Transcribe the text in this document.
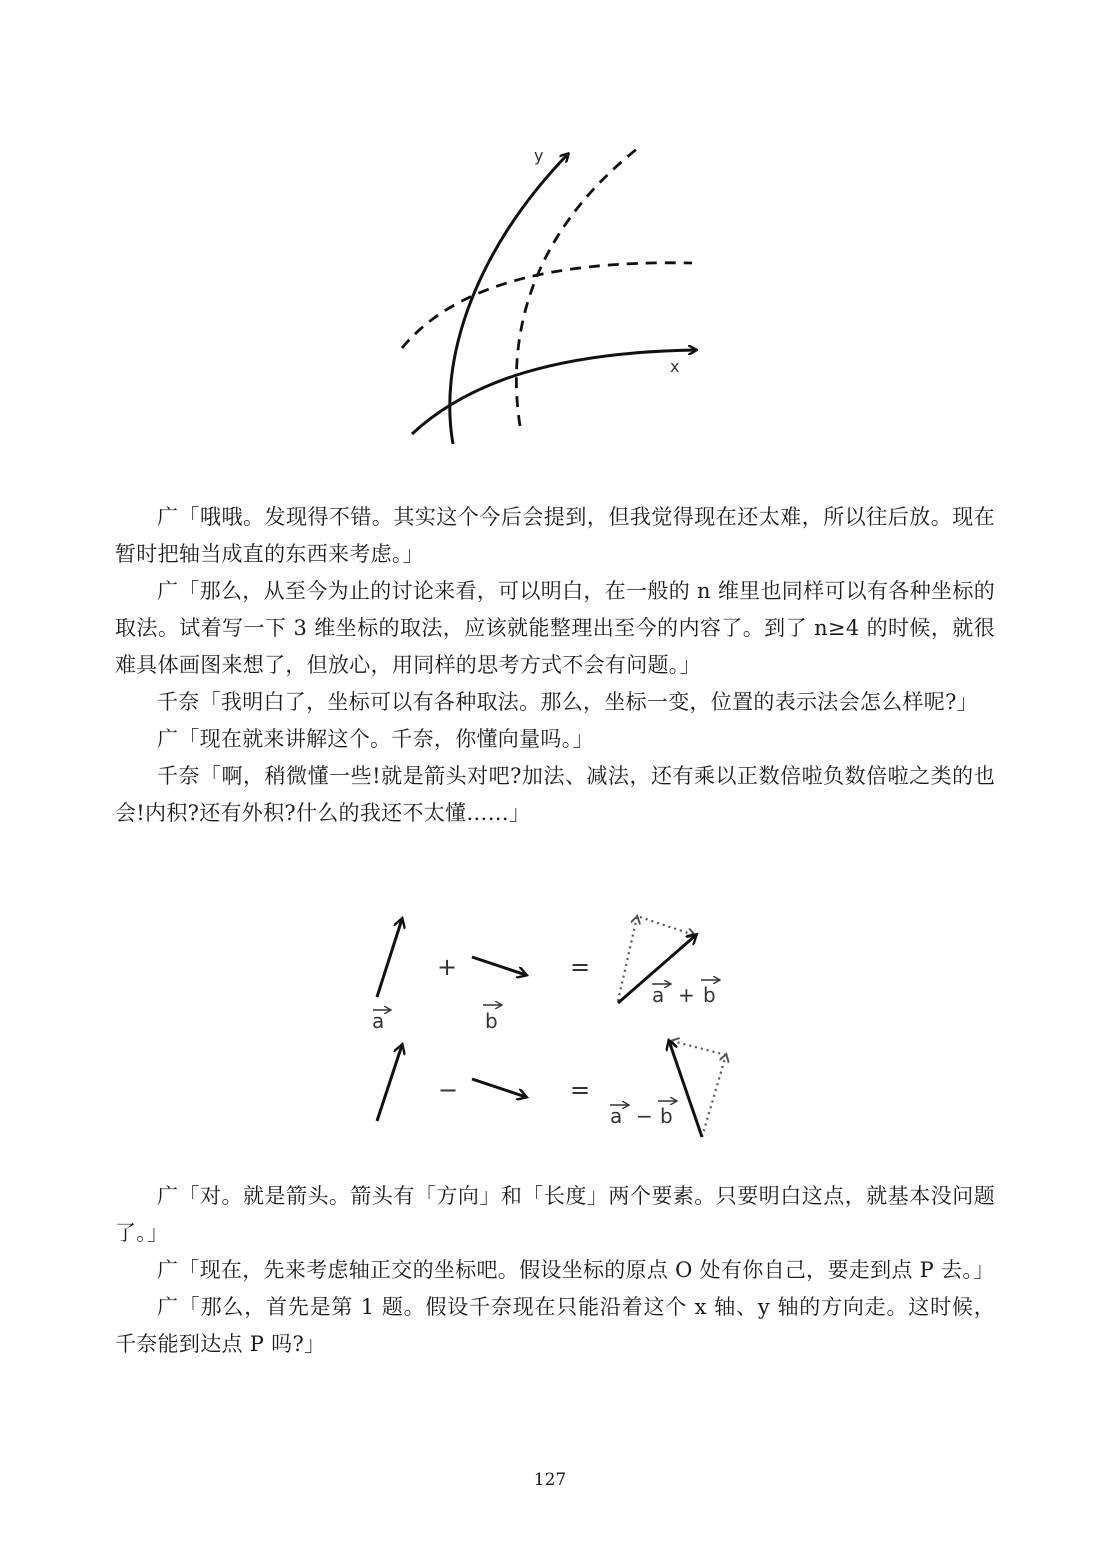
y
x

广「哦哦。发现得不错。其实这个今后会提到，但我觉得现在还太难，所以往后放。现在暂时把轴当成直的东西来考虑。」

广「那么，从至今为止的讨论来看，可以明白，在一般的 n 维里也同样可以有各种坐标的取法。试着写一下 3 维坐标的取法，应该就能整理出至今的内容了。到了 n≥4 的时候，就很难具体画图来想了，但放心，用同样的思考方式不会有问题。」

千奈「我明白了，坐标可以有各种取法。那么，坐标一变，位置的表示法会怎么样呢?」

广「现在就来讲解这个。千奈，你懂向量吗。」

千奈「啊，稍微懂一些!就是箭头对吧?加法、减法，还有乘以正数倍啦负数倍啦之类的也会!内积?还有外积?什么的我还不太懂……」

+	=
a	b
a + b
−	=
a − b

广「对。就是箭头。箭头有「方向」和「长度」两个要素。只要明白这点，就基本没问题了。」

广「现在，先来考虑轴正交的坐标吧。假设坐标的原点 O 处有你自己，要走到点 P 去。」

广「那么，首先是第 1 题。假设千奈现在只能沿着这个 x 轴、y 轴的方向走。这时候，千奈能到达点 P 吗?」

127
